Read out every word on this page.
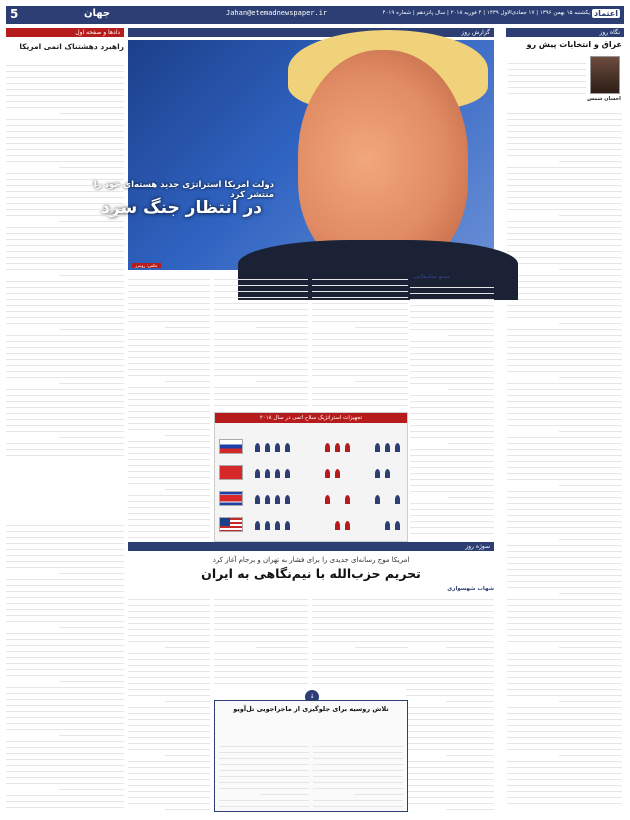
اعتماد
یکشنبه ۱۵ بهمن ۱۳۹۶ | ۱۷ جمادی‌الاول ۱۴۳۹ | ۴ فوریه ۲۰۱۸ | سال پانزدهم | شماره ۴۰۱۹
Jahan@etemadnewspaper.ir
جهان
5
نگاه روز
عراق و انتخابات پیش رو
احسان شمس
گزارش روز
دولت امریکا استراتژی جدید هسته‌ای خود را منتشر کرد
در انتظار جنگ سرد
عکس: رویترز
دادها و صفحه اول
راهبرد دهشتناک اتمی امریکا
مینو سلیمانی
تجهیزات استراتژیک سلاح اتمی در سال ۲۰۱۸
سوژه روز
امریکا موج رسانه‌ای جدیدی را برای فشار به تهران و برجام آغاز کرد
تحریم حزب‌الله با نیم‌نگاهی به ایران
شهاب شهسواری
↓
تلاش روسیه برای جلوگیری از ماجراجویی تل‌آویو
